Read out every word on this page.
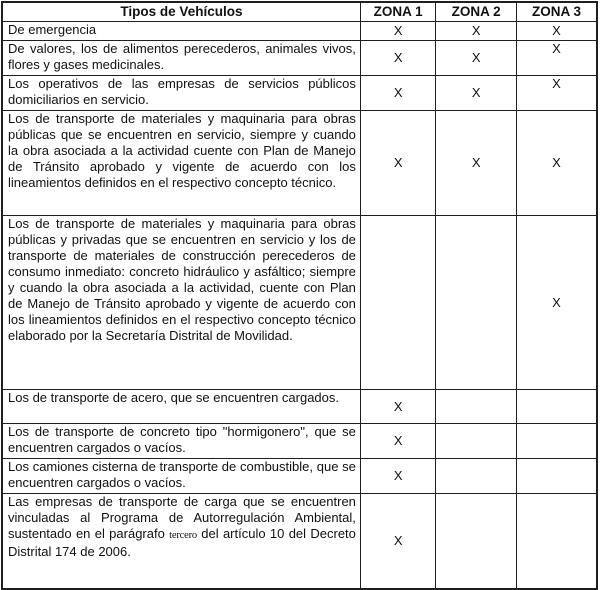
Tipos de Vehículos	ZONA 1	ZONA 2	ZONA 3
De emergencia	X	X	X
De valores, los de alimentos perecederos, animales vivos, flores y gases medicinales.	X	X	X
Los operativos de las empresas de servicios públicos domiciliarios en servicio.	X	X	X
Los de transporte de materiales y maquinaria para obras públicas que se encuentren en servicio, siempre y cuando la obra asociada a la actividad cuente con Plan de Manejo de Tránsito aprobado y vigente de acuerdo con los lineamientos definidos en el respectivo concepto técnico.	X	X	X
Los de transporte de materiales y maquinaria para obras públicas y privadas que se encuentren en servicio y los de transporte de materiales de construcción perecederos de consumo inmediato: concreto hidráulico y asfáltico; siempre y cuando la obra asociada a la actividad, cuente con Plan de Manejo de Tránsito aprobado y vigente de acuerdo con los lineamientos definidos en el respectivo concepto técnico elaborado por la Secretaría Distrital de Movilidad.			X
Los de transporte de acero, que se encuentren cargados.	X		
Los de transporte de concreto tipo "hormigonero", que se encuentren cargados o vacíos.	X		
Los camiones cisterna de transporte de combustible, que se encuentren cargados o vacíos.	X		
Las empresas de transporte de carga que se encuentren vinculadas al Programa de Autorregulación Ambiental, sustentado en el parágrafo tercero del artículo 10 del Decreto Distrital 174 de 2006.	X		
